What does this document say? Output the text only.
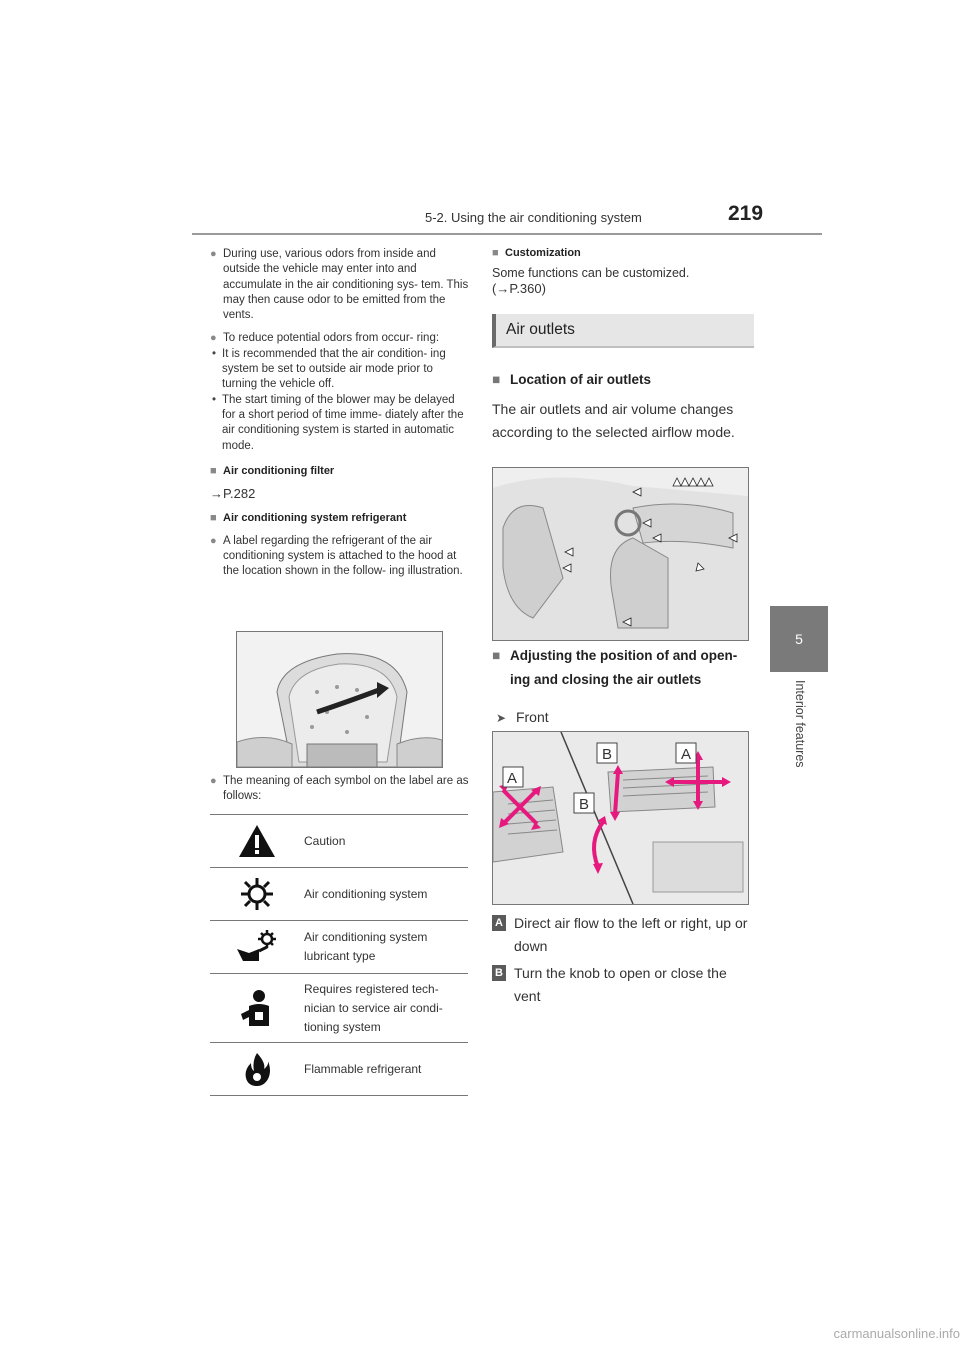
5-2. Using the air conditioning system	219
5
Interior features
● During use, various odors from inside and outside the vehicle may enter into and accumulate in the air conditioning sys- tem. This may then cause odor to be emitted from the vents.
● To reduce potential odors from occur- ring:
• It is recommended that the air condition- ing system be set to outside air mode prior to turning the vehicle off.
• The start timing of the blower may be delayed for a short period of time imme- diately after the air conditioning system is started in automatic mode.
■ Air conditioning filter
→P.282
■ Air conditioning system refrigerant
● A label regarding the refrigerant of the air conditioning system is attached to the hood at the location shown in the follow- ing illustration.
● The meaning of each symbol on the label are as follows:
Caution
Air conditioning system
Air conditioning system lubricant type
Requires registered tech- nician to service air condi- tioning system
Flammable refrigerant
■ Customization
Some functions can be customized.
(→P.360)
Air outlets
■ Location of air outlets
The air outlets and air volume changes according to the selected airflow mode.
■ Adjusting the position of and open- ing and closing the air outlets
➤ Front
A
B
B	A
A Direct air flow to the left or right, up or down
B Turn the knob to open or close the vent
carmanualsonline.info
